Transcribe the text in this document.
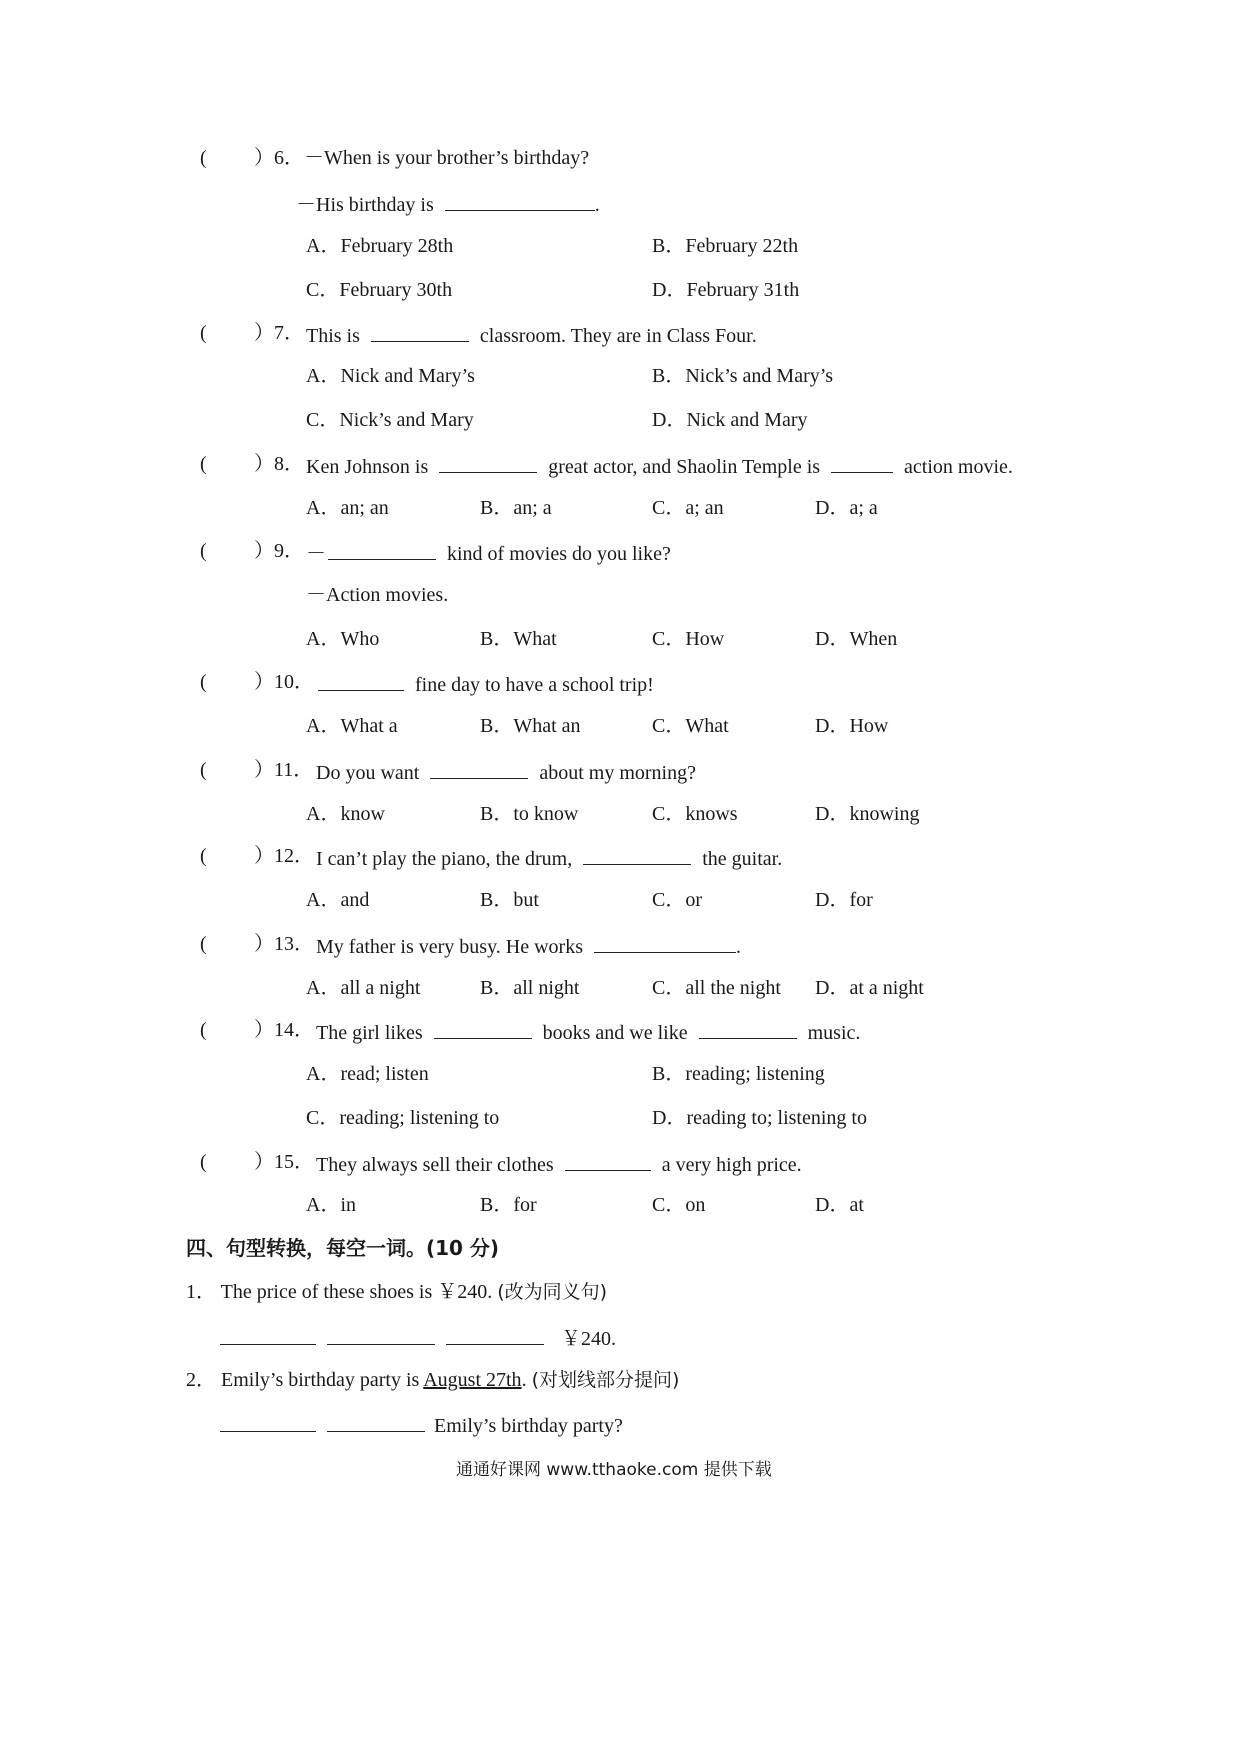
( ）6． －When is your brother’s birthday?
－His birthday is	.
A．February 28th	B．February 22th
C．February 30th	D．February 31th
( ）7． This is	classroom. They are in Class Four.
A．Nick and Mary’s	B．Nick’s and Mary’s
C．Nick’s and Mary	D．Nick and Mary
( ）8． Ken Johnson is	great actor, and Shaolin Temple is	action movie.
A．an; an	B．an; a	C．a; an	D．a; a
( ）9． －	kind of movies do you like?
－Action movies.
A．Who	B．What	C．How	D．When
( ）10．	fine day to have a school trip!
A．What a	B．What an	C．What	D．How
( ）11． Do you want	about my morning?
A．know	B．to know	C．knows	D．knowing
( ）12． I can’t play the piano, the drum,	the guitar.
A．and	B．but	C．or	D．for
( ）13． My father is very busy. He works	.
A．all a night	B．all night	C．all the night D．at a night
( ）14． The girl likes	books and we like	music.
A．read; listen	B．reading; listening
C．reading; listening to	D．reading to; listening to
( ）15． They always sell their clothes	a very high price.
A．in	B．for	C．on	D．at
四、句型转换，每空一词。(10 分)
1． The price of these shoes is ￥240. (改为同义句)
￥240.
2． Emily’s birthday party is August 27th. (对划线部分提问)
Emily’s birthday party?
通通好课网 www.tthaoke.com 提供下载
